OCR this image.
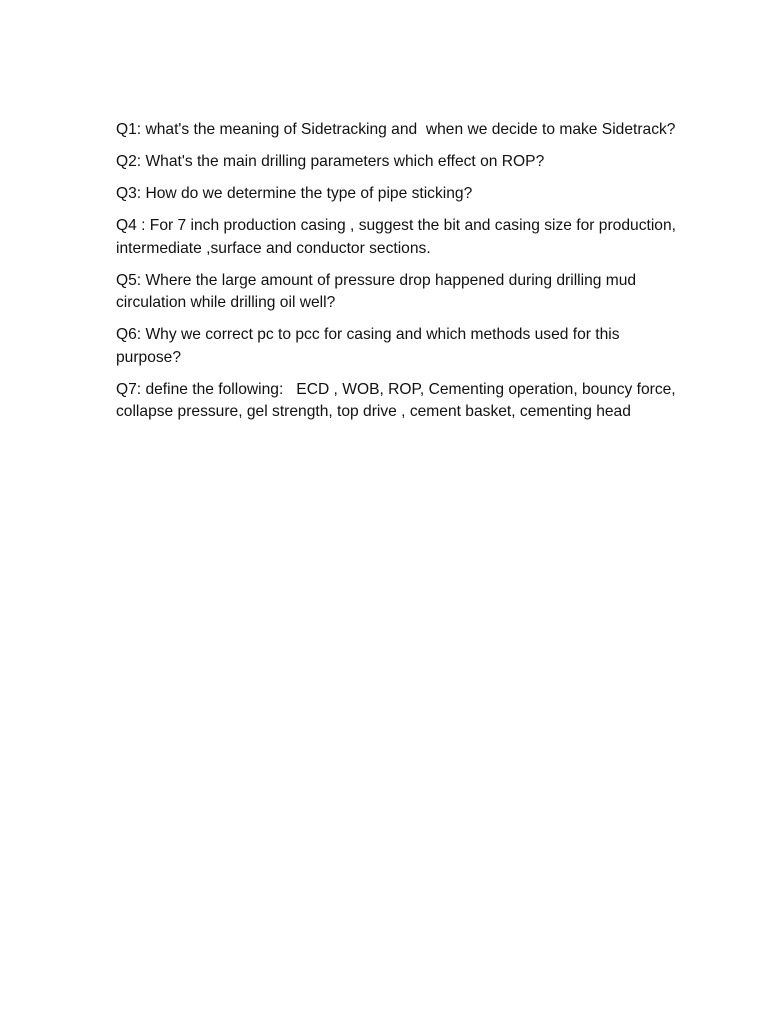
Q1: what's the meaning of Sidetracking and  when we decide to make Sidetrack?
Q2: What's the main drilling parameters which effect on ROP?
Q3: How do we determine the type of pipe sticking?
Q4 : For 7 inch production casing , suggest the bit and casing size for production, intermediate ,surface and conductor sections.
Q5: Where the large amount of pressure drop happened during drilling mud circulation while drilling oil well?
Q6: Why we correct pc to pcc for casing and which methods used for this purpose?
Q7: define the following:   ECD , WOB, ROP, Cementing operation, bouncy force, collapse pressure, gel strength, top drive , cement basket, cementing head
